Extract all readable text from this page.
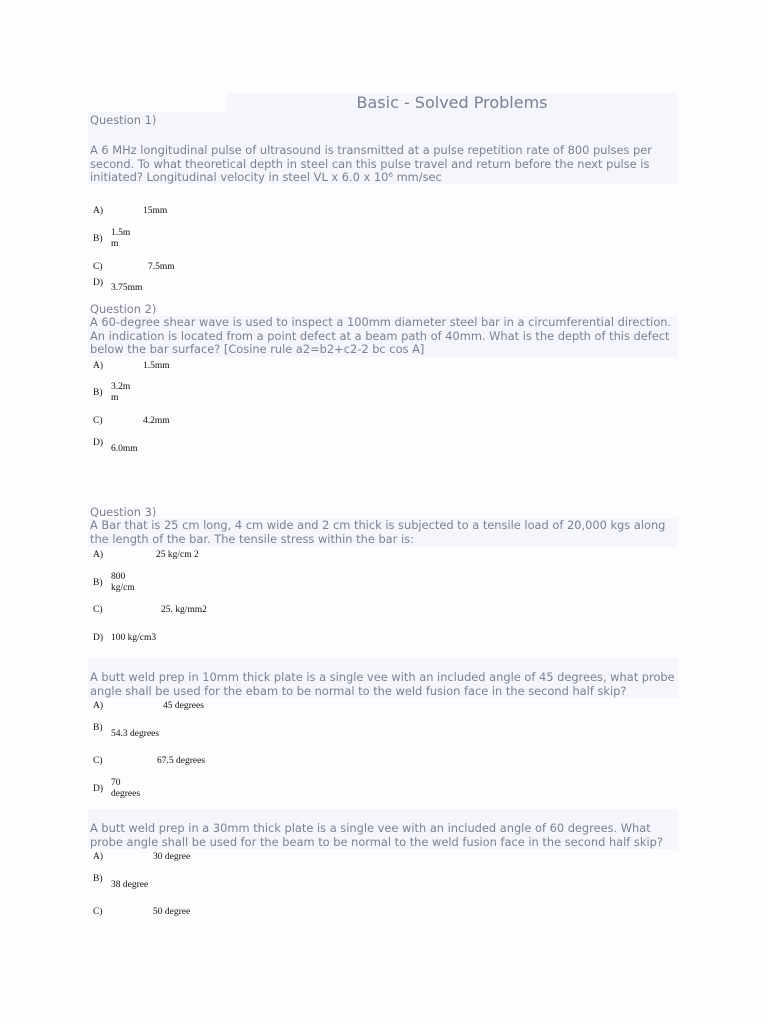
Basic - Solved Problems
Question 1)
A 6 MHz longitudinal pulse of ultrasound is transmitted at a pulse repetition rate of 800 pulses per second. To what theoretical depth in steel can this pulse travel and return before the next pulse is initiated? Longitudinal velocity in steel VL x 6.0 x 10⁶ mm/sec
A)	15mm
B)
1.5m
m
C)	7.5mm
D) 3.75mm
Question 2)
A 60-degree shear wave is used to inspect a 100mm diameter steel bar in a circumferential direction. An indication is located from a point defect at a beam path of 40mm. What is the depth of this defect below the bar surface? [Cosine rule a2=b2+c2-2 bc cos A]
A)	1.5mm
B)
3.2m
m
C)	4.2mm
D)
6.0mm
Question 3)
A Bar that is 25 cm long, 4 cm wide and 2 cm thick is subjected to a tensile load of 20,000 kgs along the length of the bar. The tensile stress within the bar is:
A)	25 kg/cm 2
B)
800
kg/cm
C)	25. kg/mm2
D) 100 kg/cm3
A butt weld prep in 10mm thick plate is a single vee with an included angle of 45 degrees, what probe angle shall be used for the ebam to be normal to the weld fusion face in the second half skip?
A)	45 degrees
B)
54.3 degrees
C)	67.5 degrees
D)
70
degrees
A butt weld prep in a 30mm thick plate is a single vee with an included angle of 60 degrees. What probe angle shall be used for the beam to be normal to the weld fusion face in the second half skip?
A)	30 degree
B)
38 degree
C)	50 degree
